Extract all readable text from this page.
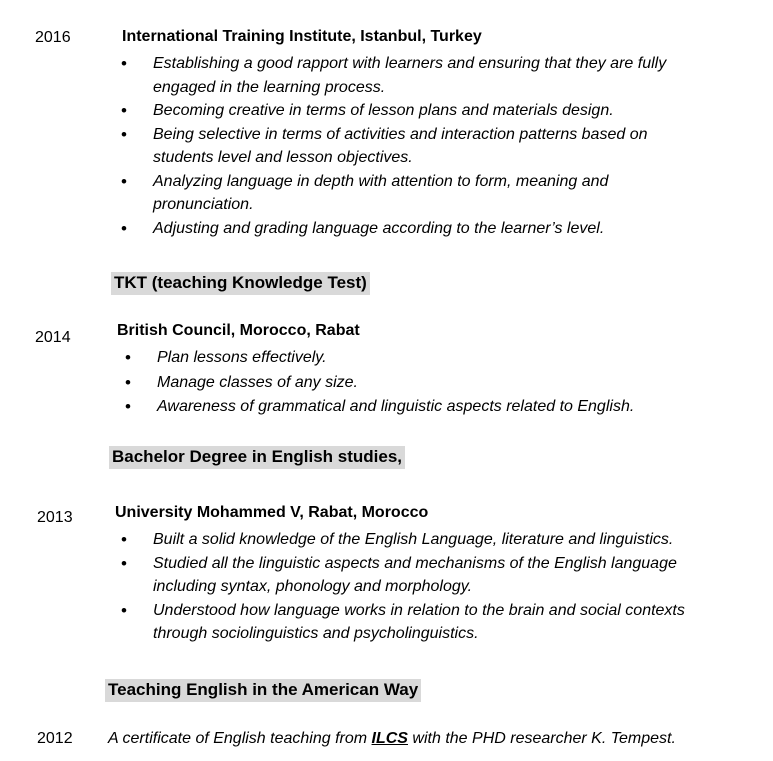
2016	International Training Institute, Istanbul, Turkey
• Establishing a good rapport with learners and ensuring that they are fully engaged in the learning process.
• Becoming creative in terms of lesson plans and materials design.
• Being selective in terms of activities and interaction patterns based on students level and lesson objectives.
• Analyzing language in depth with attention to form, meaning and pronunciation.
• Adjusting and grading language according to the learner’s level.
TKT (teaching Knowledge Test)
2014	British Council, Morocco, Rabat
• Plan lessons effectively.
• Manage classes of any size.
• Awareness of grammatical and linguistic aspects related to English.
Bachelor Degree in English studies,
2013	University Mohammed V, Rabat, Morocco
• Built a solid knowledge of the English Language, literature and linguistics.
• Studied all the linguistic aspects and mechanisms of the English language including syntax, phonology and morphology.
• Understood how language works in relation to the brain and social contexts through sociolinguistics and psycholinguistics.
Teaching English in the American Way
2012 A certificate of English teaching from ILCS with the PHD researcher K. Tempest.
